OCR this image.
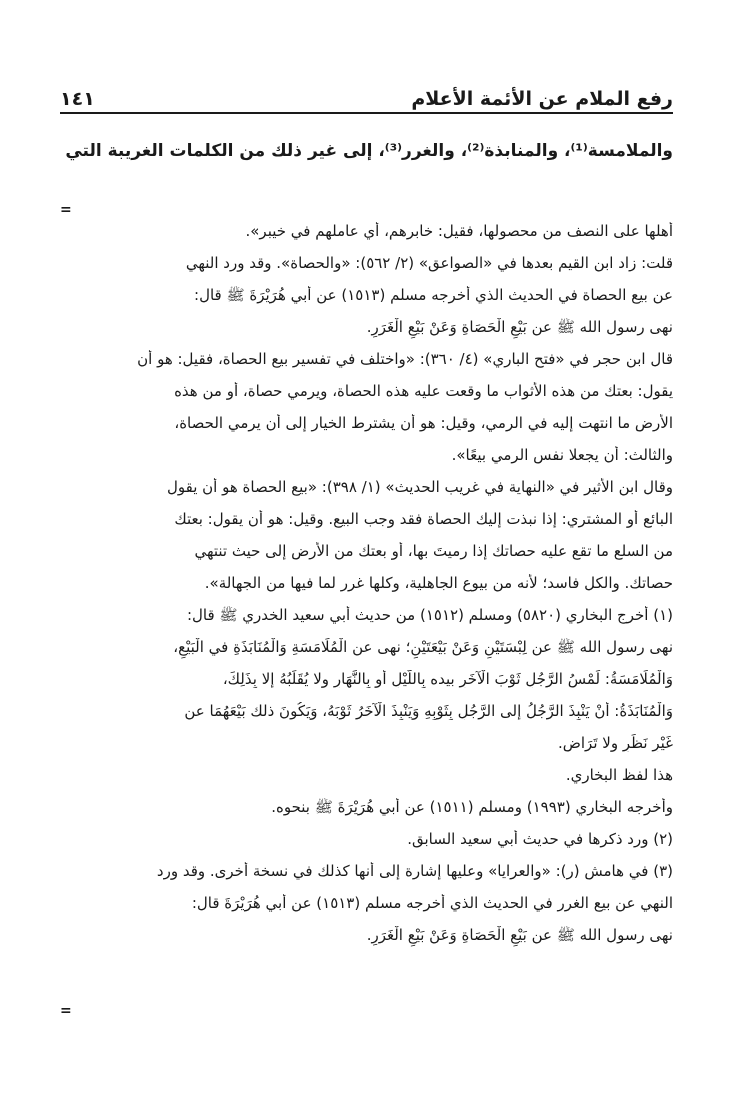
رفع الملام عن الأئمة الأعلام
١٤١
والملامسة⁽¹⁾، والمنابذة⁽²⁾، والغرر⁽³⁾، إلى غير ذلك من الكلمات الغريبة التي
=
أهلها على النصف من محصولها، فقيل: خابرهم، أي عاملهم في خيبر».
قلت: زاد ابن القيم بعدها في «الصواعق» (٢/ ٥٦٢): «والحصاة». وقد ورد النهي
عن بيع الحصاة في الحديث الذي أخرجه مسلم (١٥١٣) عن أبي هُرَيْرَةَ ﷺ قال:
نهى رسول الله ﷺ عن بَيْعِ الْحَصَاةِ وَعَنْ بَيْعِ الْغَرَرِ.
قال ابن حجر في «فتح الباري» (٤/ ٣٦٠): «واختلف في تفسير بيع الحصاة، فقيل: هو أن
يقول: بعتك من هذه الأثواب ما وقعت عليه هذه الحصاة، ويرمي حصاة، أو من هذه
الأرض ما انتهت إليه في الرمي، وقيل: هو أن يشترط الخيار إلى أن يرمي الحصاة،
والثالث: أن يجعلا نفس الرمي بيعًا».
وقال ابن الأثير في «النهاية في غريب الحديث» (١/ ٣٩٨): «بيع الحصاة هو أن يقول
البائع أو المشتري: إذا نبذت إليك الحصاة فقد وجب البيع. وقيل: هو أن يقول: بعتك
من السلع ما تقع عليه حصاتك إذا رميتَ بها، أو بعتك من الأرض إلى حيث تنتهي
حصاتك. والكل فاسد؛ لأنه من بيوع الجاهلية، وكلها غرر لما فيها من الجهالة».
(١) أخرج البخاري (٥٨٢٠) ومسلم (١٥١٢) من حديث أبي سعيد الخدري ﷺ قال:
نهى رسول الله ﷺ عن لِبْسَتَيْنِ وَعَنْ بَيْعَتَيْنِ؛ نهى عن الْمُلَامَسَةِ وَالْمُنَابَذَةِ في الْبَيْعِ،
وَالْمُلَامَسَةُ: لَمْسُ الرَّجُلِ ثَوْبَ الْآخَرِ بيده بِاللَّيْلِ أو بِالنَّهَارِ ولا يُقَلِّبُهُ إلا بِذَلِكَ،
وَالْمُنَابَذَةُ: أَنْ يَنْبِذَ الرَّجُلُ إلى الرَّجُلِ بِثَوْبِهِ وَيَنْبِذَ الْآخَرُ ثَوْبَهُ، وَيَكُونَ ذلك بَيْعَهُمَا عن
غَيْرِ نَظَرٍ ولا تَرَاضٍ.
هذا لفظ البخاري.
وأخرجه البخاري (١٩٩٣) ومسلم (١٥١١) عن أبي هُرَيْرَةَ ﷺ بنحوه.
(٢) ورد ذكرها في حديث أبي سعيد السابق.
(٣) في هامش (ر): «والعرايا» وعليها إشارة إلى أنها كذلك في نسخة أخرى. وقد ورد
النهي عن بيع الغرر في الحديث الذي أخرجه مسلم (١٥١٣) عن أبي هُرَيْرَةَ قال:
نهى رسول الله ﷺ عن بَيْعِ الْحَصَاةِ وَعَنْ بَيْعِ الْغَرَرِ.
=
